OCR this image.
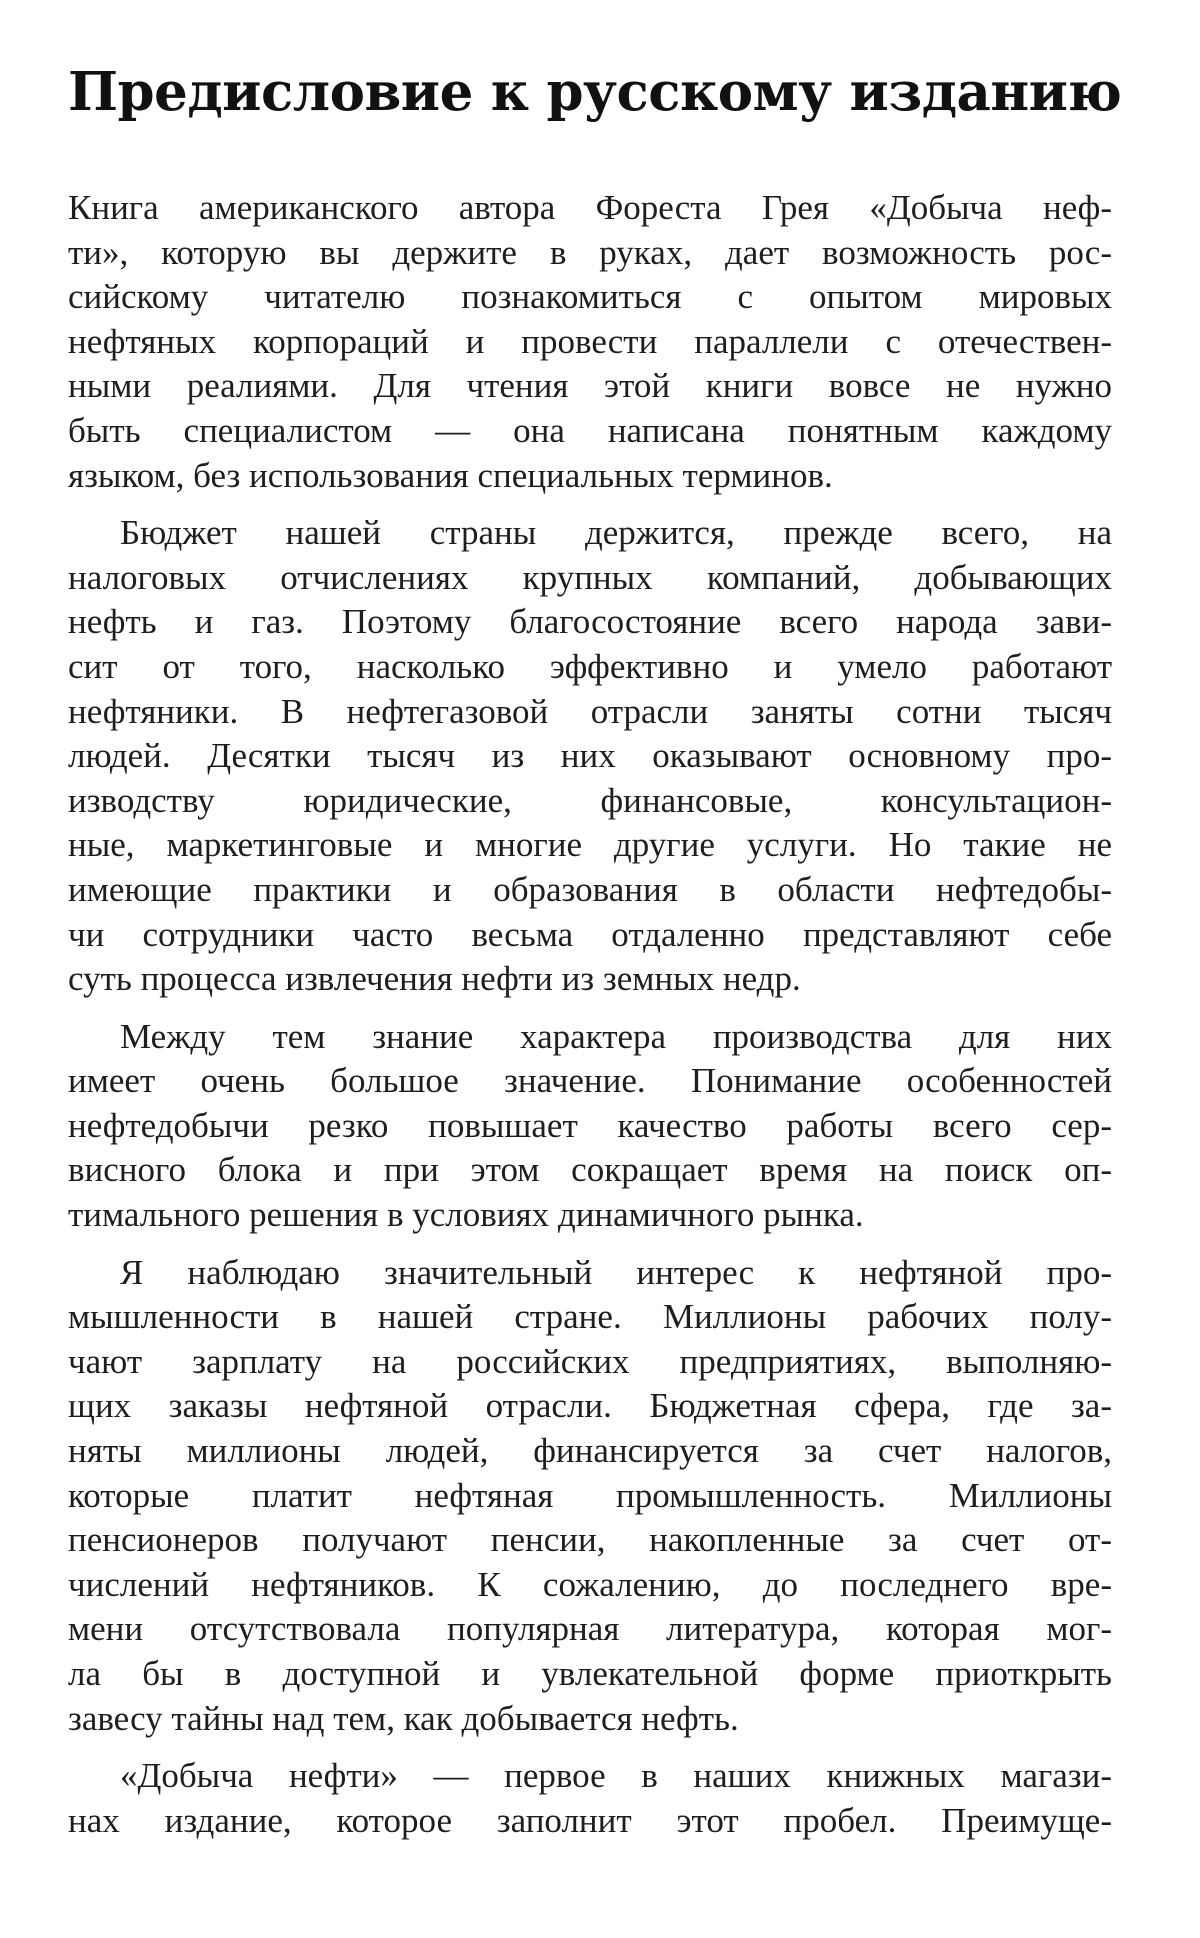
Предисловие к русскому изданию
Книга американского автора Фореста Грея «Добыча неф-
ти», которую вы держите в руках, дает возможность рос-
сийскому читателю познакомиться с опытом мировых
нефтяных корпораций и провести параллели с отечествен-
ными реалиями. Для чтения этой книги вовсе не нужно
быть специалистом — она написана понятным каждому
языком, без использования специальных терминов.
Бюджет нашей страны держится, прежде всего, на
налоговых отчислениях крупных компаний, добывающих
нефть и газ. Поэтому благосостояние всего народа зави-
сит от того, насколько эффективно и умело работают
нефтяники. В нефтегазовой отрасли заняты сотни тысяч
людей. Десятки тысяч из них оказывают основному про-
изводству юридические, финансовые, консультацион-
ные, маркетинговые и многие другие услуги. Но такие не
имеющие практики и образования в области нефтедобы-
чи сотрудники часто весьма отдаленно представляют себе
суть процесса извлечения нефти из земных недр.
Между тем знание характера производства для них
имеет очень большое значение. Понимание особенностей
нефтедобычи резко повышает качество работы всего сер-
висного блока и при этом сокращает время на поиск оп-
тимального решения в условиях динамичного рынка.
Я наблюдаю значительный интерес к нефтяной про-
мышленности в нашей стране. Миллионы рабочих полу-
чают зарплату на российских предприятиях, выполняю-
щих заказы нефтяной отрасли. Бюджетная сфера, где за-
няты миллионы людей, финансируется за счет налогов,
которые платит нефтяная промышленность. Миллионы
пенсионеров получают пенсии, накопленные за счет от-
числений нефтяников. К сожалению, до последнего вре-
мени отсутствовала популярная литература, которая мог-
ла бы в доступной и увлекательной форме приоткрыть
завесу тайны над тем, как добывается нефть.
«Добыча нефти» — первое в наших книжных магази-
нах издание, которое заполнит этот пробел. Преимуще-
